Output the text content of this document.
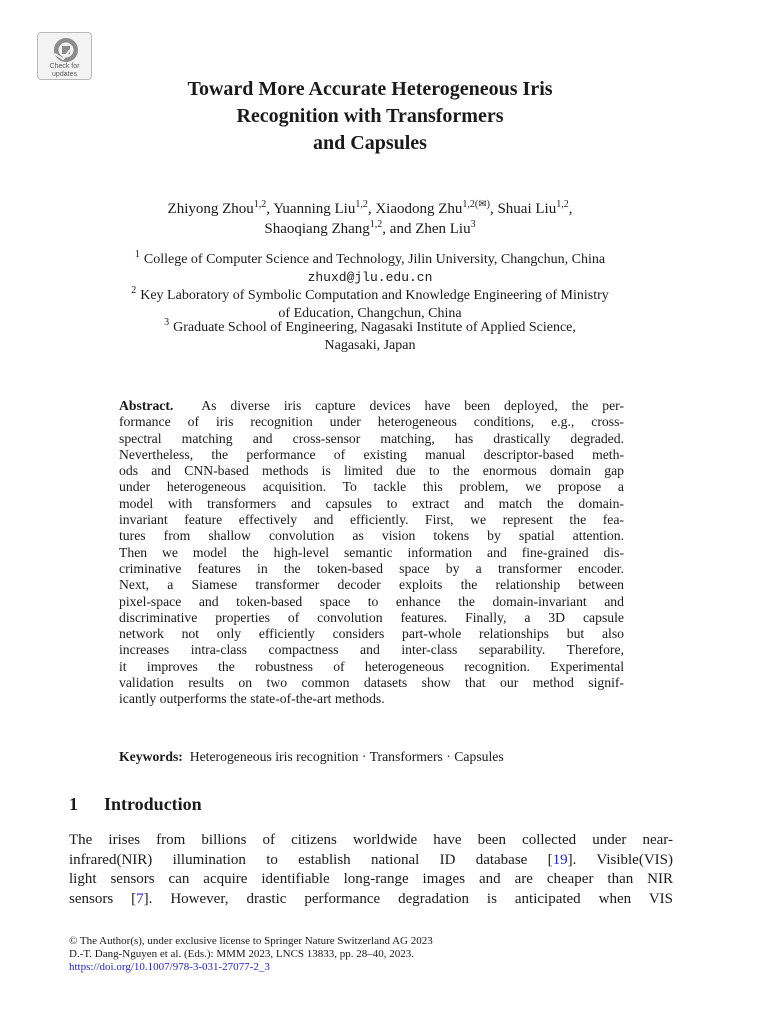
Check for
updates
Toward More Accurate Heterogeneous Iris
Recognition with Transformers
and Capsules
Zhiyong Zhou$^{1,2}$, Yuanning Liu$^{1,2}$, Xiaodong Zhu$^{1,2(✉)}$, Shuai Liu$^{1,2}$,
Shaoqiang Zhang$^{1,2}$, and Zhen Liu$^3$
$^1$ College of Computer Science and Technology, Jilin University, Changchun, China
zhuxd@jlu.edu.cn
$^2$ Key Laboratory of Symbolic Computation and Knowledge Engineering of Ministry
of Education, Changchun, China
$^3$ Graduate School of Engineering, Nagasaki Institute of Applied Science,
Nagasaki, Japan
Abstract. As diverse iris capture devices have been deployed, the per-
formance of iris recognition under heterogeneous conditions, e.g., cross-
spectral matching and cross-sensor matching, has drastically degraded.
Nevertheless, the performance of existing manual descriptor-based meth-
ods and CNN-based methods is limited due to the enormous domain gap
under heterogeneous acquisition. To tackle this problem, we propose a
model with transformers and capsules to extract and match the domain-
invariant feature effectively and efficiently. First, we represent the fea-
tures from shallow convolution as vision tokens by spatial attention.
Then we model the high-level semantic information and fine-grained dis-
criminative features in the token-based space by a transformer encoder.
Next, a Siamese transformer decoder exploits the relationship between
pixel-space and token-based space to enhance the domain-invariant and
discriminative properties of convolution features. Finally, a 3D capsule
network not only efficiently considers part-whole relationships but also
increases intra-class compactness and inter-class separability. Therefore,
it improves the robustness of heterogeneous recognition. Experimental
validation results on two common datasets show that our method signif-
icantly outperforms the state-of-the-art methods.
Keywords: Heterogeneous iris recognition · Transformers · Capsules
1 Introduction
The irises from billions of citizens worldwide have been collected under near-
infrared(NIR) illumination to establish national ID database [19]. Visible(VIS)
light sensors can acquire identifiable long-range images and are cheaper than NIR
sensors [7]. However, drastic performance degradation is anticipated when VIS
© The Author(s), under exclusive license to Springer Nature Switzerland AG 2023
D.-T. Dang-Nguyen et al. (Eds.): MMM 2023, LNCS 13833, pp. 28–40, 2023.
https://doi.org/10.1007/978-3-031-27077-2_3
